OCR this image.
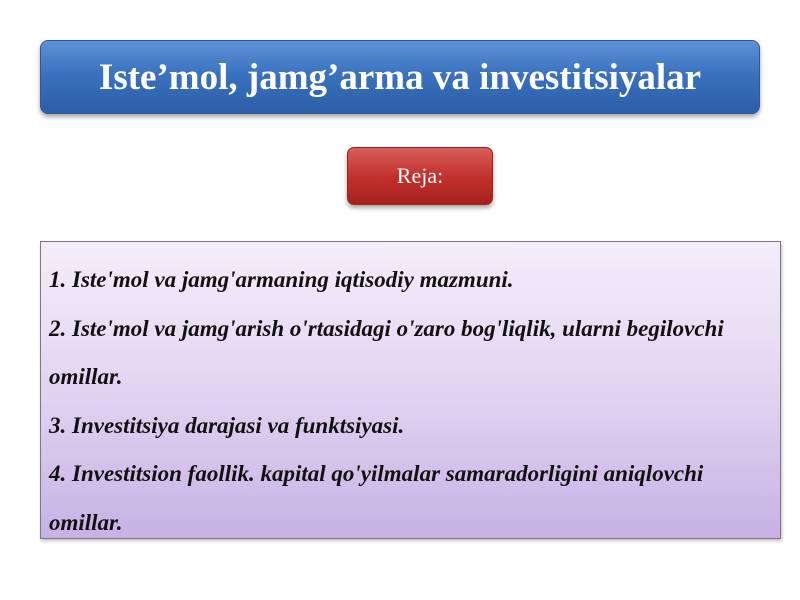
Iste’mol, jamg’arma va investitsiyalar
Reja:
1. Iste'mol va jamg'armaning iqtisodiy mazmuni.
2. Iste'mol va jamg'arish o'rtasidagi o'zaro bog'liqlik, ularni begilovchi omillar.
3. Investitsiya darajasi va funktsiyasi.
4. Investitsion faollik. kapital qo'yilmalar samaradorligini aniqlovchi omillar.
